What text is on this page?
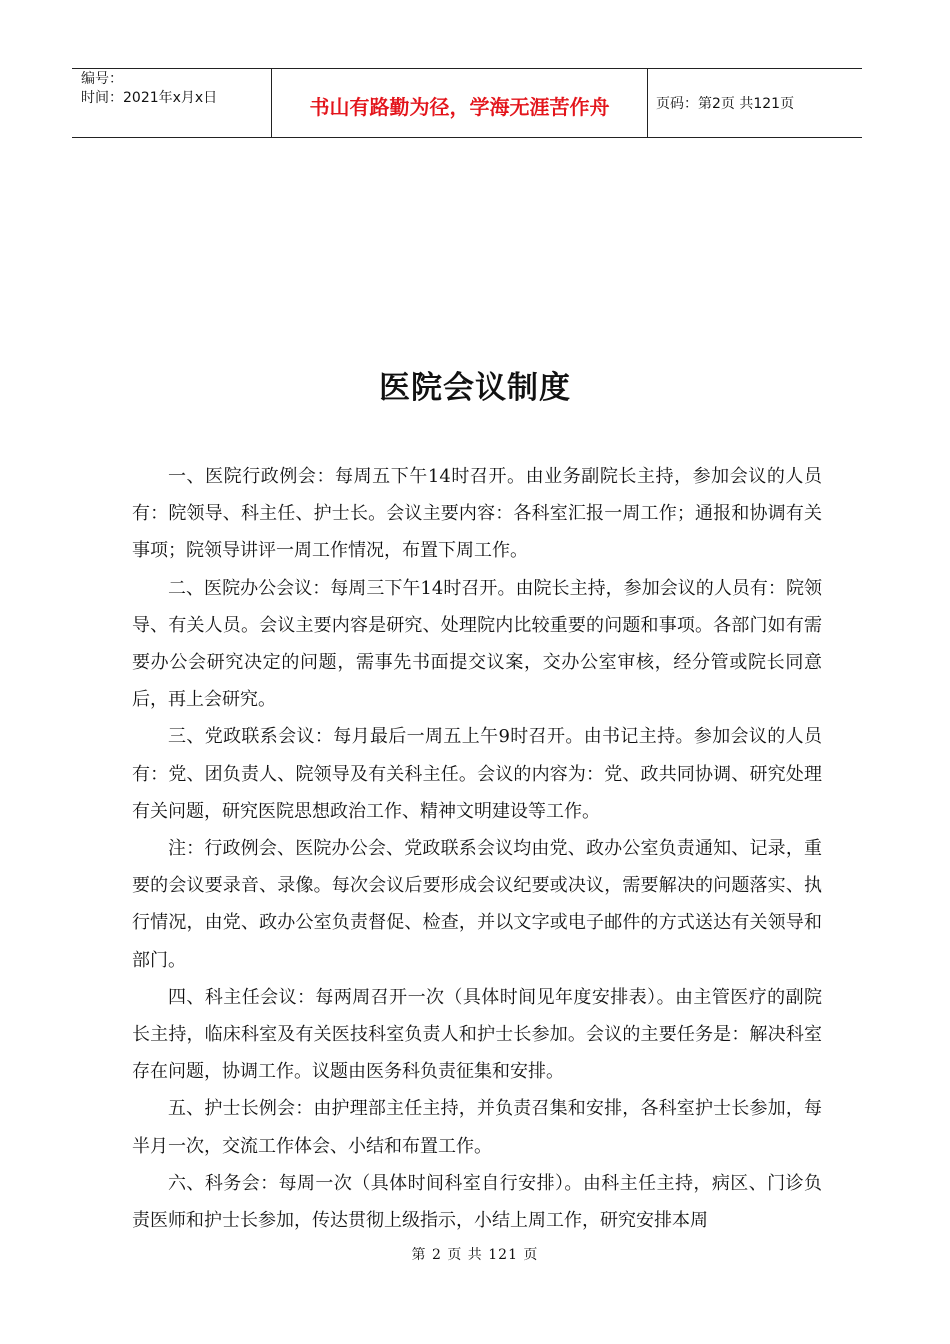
编号：
时间：2021年x月x日	书山有路勤为径，学海无涯苦作舟	页码：第2页 共121页
医院会议制度

一、医院行政例会：每周五下午14时召开。由业务副院长主持，参加会议的人员有：院领导、科主任、护士长。会议主要内容：各科室汇报一周工作；通报和协调有关事项；院领导讲评一周工作情况，布置下周工作。

二、医院办公会议：每周三下午14时召开。由院长主持，参加会议的人员有：院领导、有关人员。会议主要内容是研究、处理院内比较重要的问题和事项。各部门如有需要办公会研究决定的问题，需事先书面提交议案，交办公室审核，经分管或院长同意后，再上会研究。

三、党政联系会议：每月最后一周五上午9时召开。由书记主持。参加会议的人员有：党、团负责人、院领导及有关科主任。会议的内容为：党、政共同协调、研究处理有关问题，研究医院思想政治工作、精神文明建设等工作。

注：行政例会、医院办公会、党政联系会议均由党、政办公室负责通知、记录，重要的会议要录音、录像。每次会议后要形成会议纪要或决议，需要解决的问题落实、执行情况，由党、政办公室负责督促、检查，并以文字或电子邮件的方式送达有关领导和部门。

四、科主任会议：每两周召开一次（具体时间见年度安排表）。由主管医疗的副院长主持，临床科室及有关医技科室负责人和护士长参加。会议的主要任务是：解决科室存在问题，协调工作。议题由医务科负责征集和安排。

五、护士长例会：由护理部主任主持，并负责召集和安排，各科室护士长参加，每半月一次，交流工作体会、小结和布置工作。

六、科务会：每周一次（具体时间科室自行安排）。由科主任主持，病区、门诊负责医师和护士长参加，传达贯彻上级指示，小结上周工作，研究安排本周

第 2 页 共 121 页
